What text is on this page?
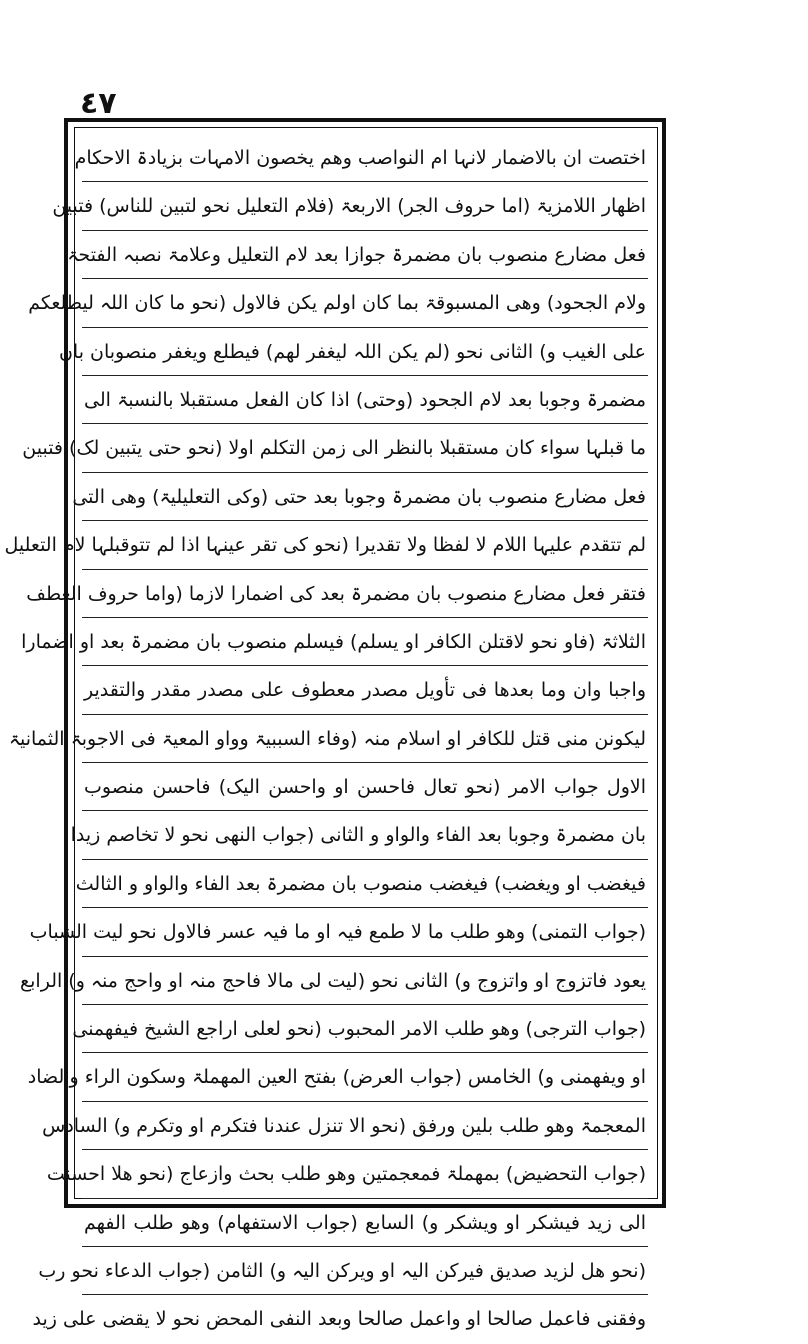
٤٧
اختصت ان بالاضمار لانہا ام النواصب وھم یخصون الامہات بزیادۃ الاحکام
اظھار اللامزیۃ (اما حروف الجر) الاربعۃ (فلام التعلیل نحو لتبین للناس) فتبین
فعل مضارع منصوب بان مضمرۃ جوازا بعد لام التعلیل وعلامۃ نصبہ الفتحۃ
ولام الجحود) وھی المسبوقۃ بما کان اولم یکن فالاول (نحو ما کان اللہ لیطلعکم
علی الغیب و) الثانی نحو (لم یکن اللہ لیغفر لھم) فیطلع ویغفر منصوبان بان
مضمرۃ وجوبا بعد لام الجحود (وحتی) اذا کان الفعل مستقبلا بالنسبۃ الی
ما قبلہا سواء کان مستقبلا بالنظر الی زمن التکلم اولا (نحو حتی یتبین لک) فتبین
فعل مضارع منصوب بان مضمرۃ وجوبا بعد حتی (وکی التعلیلیۃ) وھی التی
لم تتقدم علیہا اللام لا لفظا ولا تقدیرا (نحو کی تقر عینہا اذا لم تتوقبلہا لام التعلیل
فتقر فعل مضارع منصوب بان مضمرۃ بعد کی اضمارا لازما (واما حروف العطف
الثلاثۃ (فاو نحو لاقتلن الکافر او یسلم) فیسلم منصوب بان مضمرۃ بعد او اضمارا
واجبا وان وما بعدھا فی تأویل مصدر معطوف علی مصدر مقدر والتقدیر
لیکونن منی قتل للکافر او اسلام منہ (وفاء السببیۃ وواو المعیۃ فی الاجوبۃ الثمانیۃ
الاول جواب الامر (نحو تعال فاحسن او واحسن الیک) فاحسن منصوب
بان مضمرۃ وجوبا بعد الفاء والواو و الثانی (جواب النھی نحو لا تخاصم زیدا
فیغضب او ویغضب) فیغضب منصوب بان مضمرۃ بعد الفاء والواو و الثالث
(جواب التمنی) وھو طلب ما لا طمع فیہ او ما فیہ عسر فالاول نحو لیت الشباب
یعود فاتزوج او واتزوج و) الثانی نحو (لیت لی مالا فاحج منہ او واحج منہ و) الرابع
(جواب الترجی) وھو طلب الامر المحبوب (نحو لعلی اراجع الشیخ فیفھمنی
او ویفھمنی و) الخامس (جواب العرض) بفتح العین المھملۃ وسکون الراء والضاد
المعجمۃ وھو طلب بلین ورفق (نحو الا تنزل عندنا فتکرم او وتکرم و) السادس
(جواب التحضیض) بمھملۃ فمعجمتین وھو طلب بحث وازعاج (نحو ھلا احسنت
الی زید فیشکر او ویشکر و) السابع (جواب الاستفھام) وھو طلب الفھم
(نحو ھل لزید صدیق فیرکن الیہ او ویرکن الیہ و) الثامن (جواب الدعاء نحو رب
وفقنی فاعمل صالحا او واعمل صالحا وبعد النفی المحض نحو لا یقضی علی زید
